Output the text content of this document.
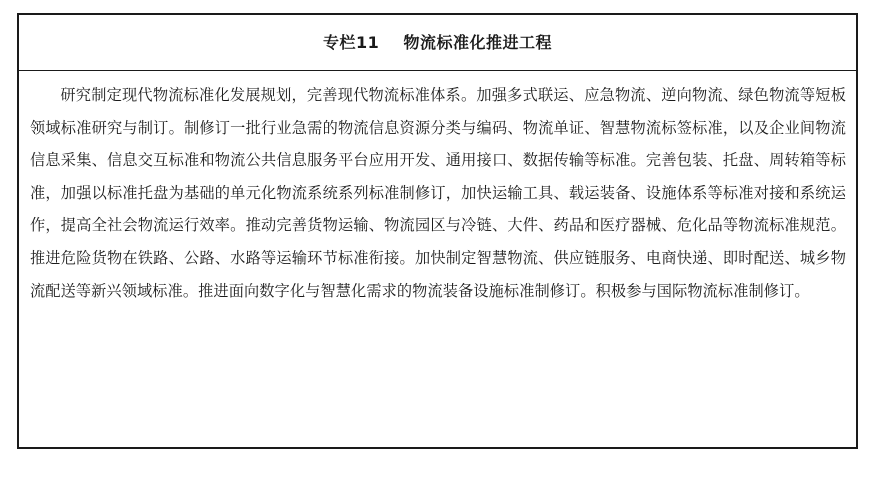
专栏11    物流标准化推进工程

研究制定现代物流标准化发展规划，完善现代物流标准体系。加强多式联运、应急物流、逆向物流、绿色物流等短板领域标准研究与制订。制修订一批行业急需的物流信息资源分类与编码、物流单证、智慧物流标签标准，以及企业间物流信息采集、信息交互标准和物流公共信息服务平台应用开发、通用接口、数据传输等标准。完善包装、托盘、周转箱等标准，加强以标准托盘为基础的单元化物流系统系列标准制修订，加快运输工具、载运装备、设施体系等标准对接和系统运作，提高全社会物流运行效率。推动完善货物运输、物流园区与冷链、大件、药品和医疗器械、危化品等物流标准规范。推进危险货物在铁路、公路、水路等运输环节标准衔接。加快制定智慧物流、供应链服务、电商快递、即时配送、城乡物流配送等新兴领域标准。推进面向数字化与智慧化需求的物流装备设施标准制修订。积极参与国际物流标准制修订。
